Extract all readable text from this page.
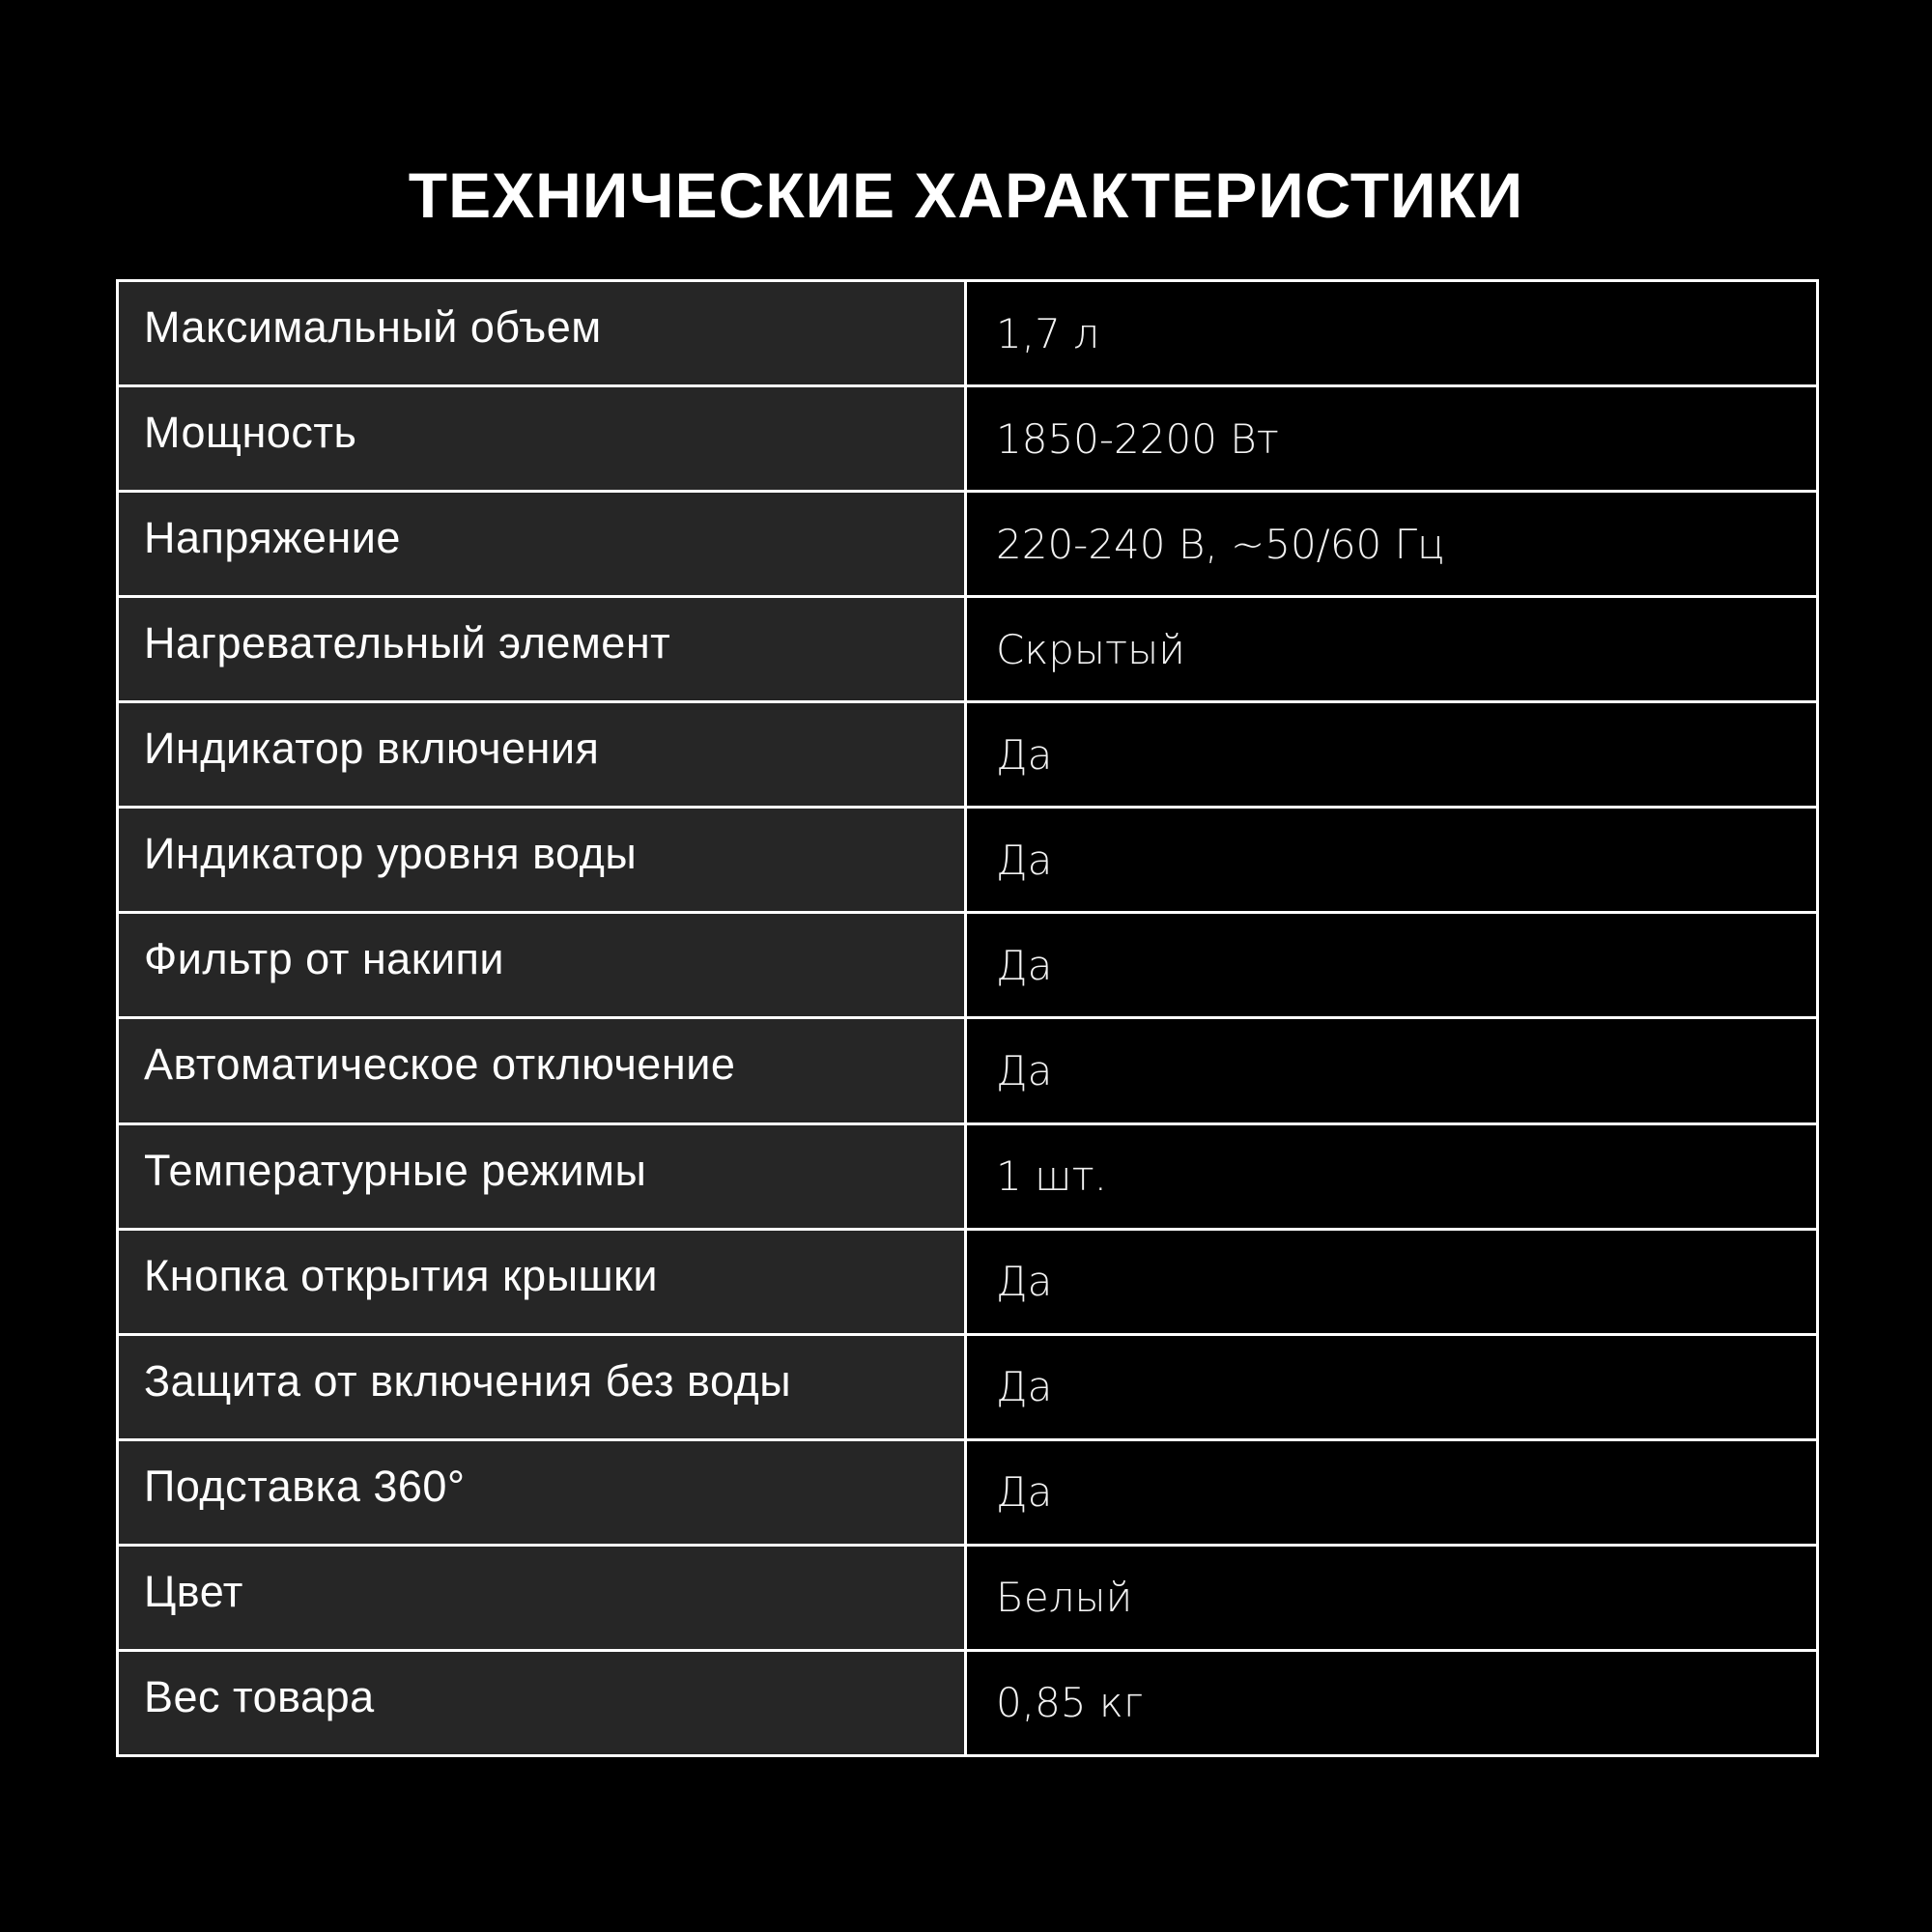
ТЕХНИЧЕСКИЕ ХАРАКТЕРИСТИКИ
Максимальный объем	1,7 л
Мощность	1850-2200 Вт
Напряжение	220-240 В, ~50/60 Гц
Нагревательный элемент	Скрытый
Индикатор включения	Да
Индикатор уровня воды	Да
Фильтр от накипи	Да
Автоматическое отключение	Да
Температурные режимы	1 шт.
Кнопка открытия крышки	Да
Защита от включения без воды	Да
Подставка 360°	Да
Цвет	Белый
Вес товара	0,85 кг
